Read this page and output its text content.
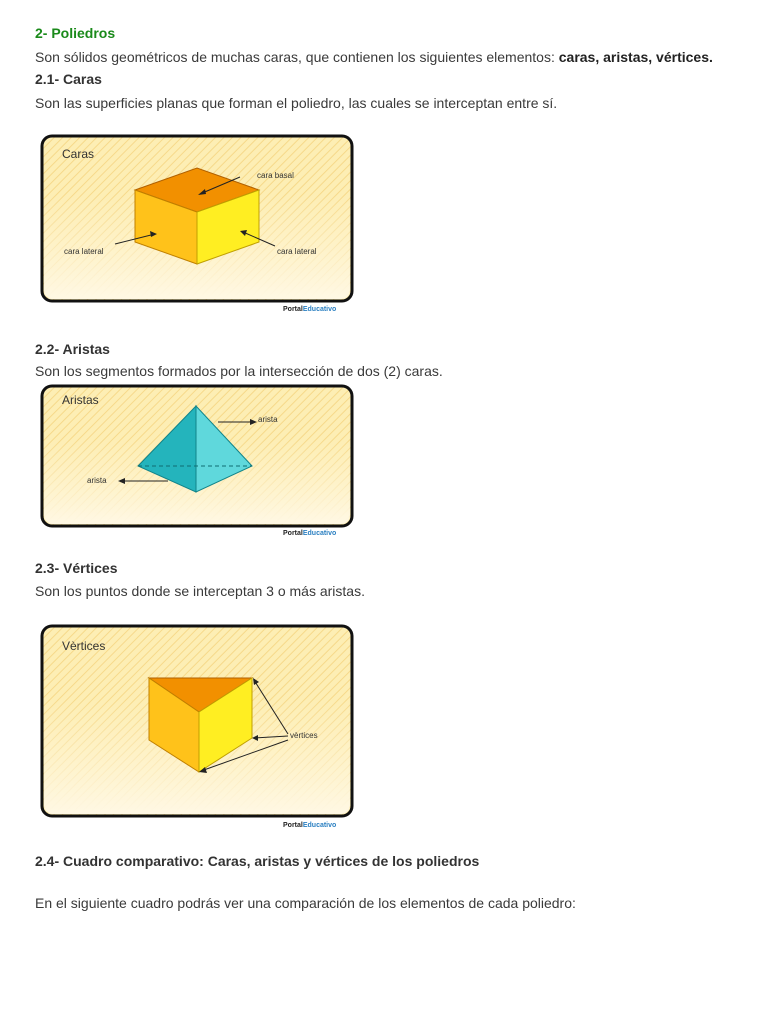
2- Poliedros
Son sólidos geométricos de muchas caras, que contienen los siguientes elementos: caras, aristas, vértices.
2.1- Caras
Son las superficies planas que forman el poliedro, las cuales se interceptan entre sí.
Caras
cara basal
cara lateral	cara lateral
PortalEducativo
2.2- Aristas
Son los segmentos formados por la intersección de dos (2) caras.
Aristas
arista
arista
PortalEducativo
2.3- Vértices
Son los puntos donde se interceptan 3 o más aristas.
Vèrtices
vèrtices
PortalEducativo
2.4- Cuadro comparativo: Caras, aristas y vértices de los poliedros
En el siguiente cuadro podrás ver una comparación de los elementos de cada poliedro:
